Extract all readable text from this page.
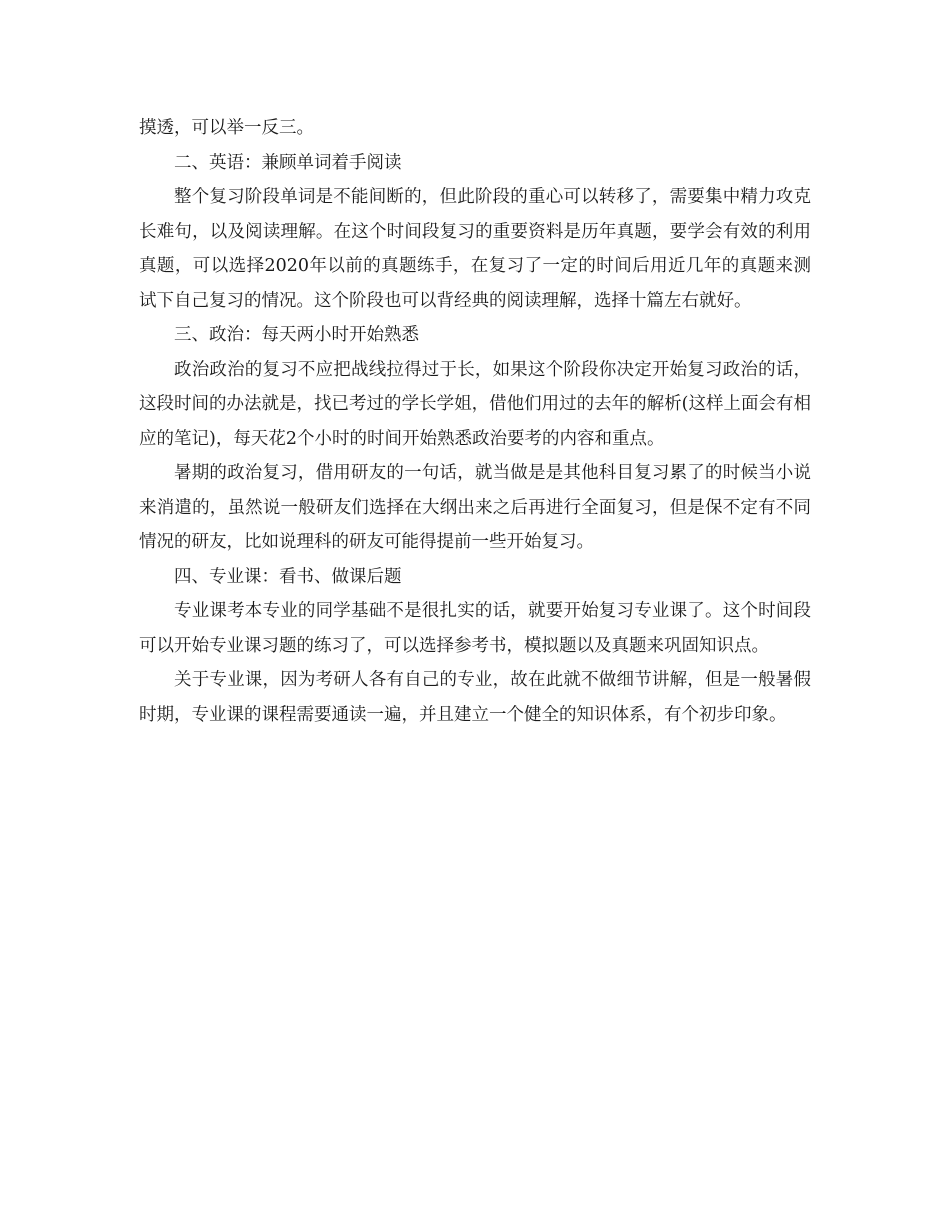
摸透，可以举一反三。

二、英语：兼顾单词着手阅读

整个复习阶段单词是不能间断的，但此阶段的重心可以转移了，需要集中精力攻克长难句，以及阅读理解。在这个时间段复习的重要资料是历年真题，要学会有效的利用真题，可以选择2020年以前的真题练手，在复习了一定的时间后用近几年的真题来测试下自己复习的情况。这个阶段也可以背经典的阅读理解，选择十篇左右就好。

三、政治：每天两小时开始熟悉

政治政治的复习不应把战线拉得过于长，如果这个阶段你决定开始复习政治的话，这段时间的办法就是，找已考过的学长学姐，借他们用过的去年的解析(这样上面会有相应的笔记)，每天花2个小时的时间开始熟悉政治要考的内容和重点。

暑期的政治复习，借用研友的一句话，就当做是是其他科目复习累了的时候当小说来消遣的，虽然说一般研友们选择在大纲出来之后再进行全面复习，但是保不定有不同情况的研友，比如说理科的研友可能得提前一些开始复习。

四、专业课：看书、做课后题

专业课考本专业的同学基础不是很扎实的话，就要开始复习专业课了。这个时间段可以开始专业课习题的练习了，可以选择参考书，模拟题以及真题来巩固知识点。

关于专业课，因为考研人各有自己的专业，故在此就不做细节讲解，但是一般暑假时期，专业课的课程需要通读一遍，并且建立一个健全的知识体系，有个初步印象。
